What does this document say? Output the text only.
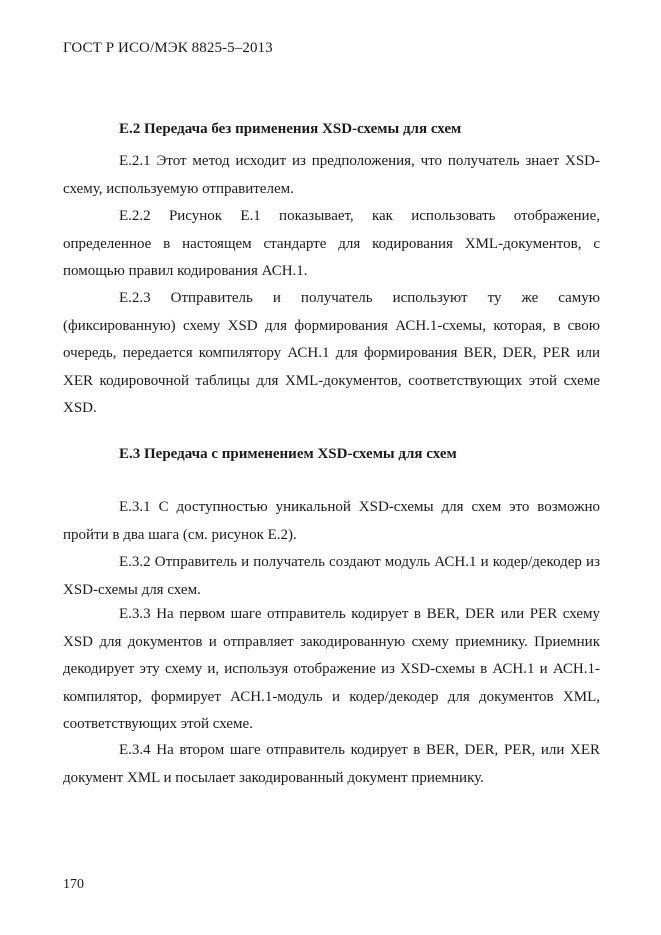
ГОСТ Р ИСО/МЭК 8825-5–2013
Е.2 Передача без применения XSD-схемы для схем

Е.2.1 Этот метод исходит из предположения, что получатель знает XSD-схему, используемую отправителем.

Е.2.2 Рисунок Е.1 показывает, как использовать отображение, определенное в настоящем стандарте для кодирования XML-документов, с помощью правил кодирования АСН.1.

Е.2.3 Отправитель и получатель используют ту же самую (фиксированную) схему XSD для формирования АСН.1-схемы, которая, в свою очередь, передается компилятору АСН.1 для формирования BER, DER, PER или XER кодировочной таблицы для XML-документов, соответствующих этой схеме XSD.

Е.3 Передача с применением XSD-схемы для схем

Е.3.1 С доступностью уникальной XSD-схемы для схем это возможно пройти в два шага (см. рисунок Е.2).

Е.3.2 Отправитель и получатель создают модуль АСН.1 и кодер/декодер из XSD-схемы для схем.

Е.3.3 На первом шаге отправитель кодирует в BER, DER или PER схему XSD для документов и отправляет закодированную схему приемнику. Приемник декодирует эту схему и, используя отображение из XSD-схемы в АСН.1 и АСН.1-компилятор, формирует АСН.1-модуль и кодер/декодер для документов XML, соответствующих этой схеме.

Е.3.4 На втором шаге отправитель кодирует в BER, DER, PER, или XER документ XML и посылает закодированный документ приемнику.

170
